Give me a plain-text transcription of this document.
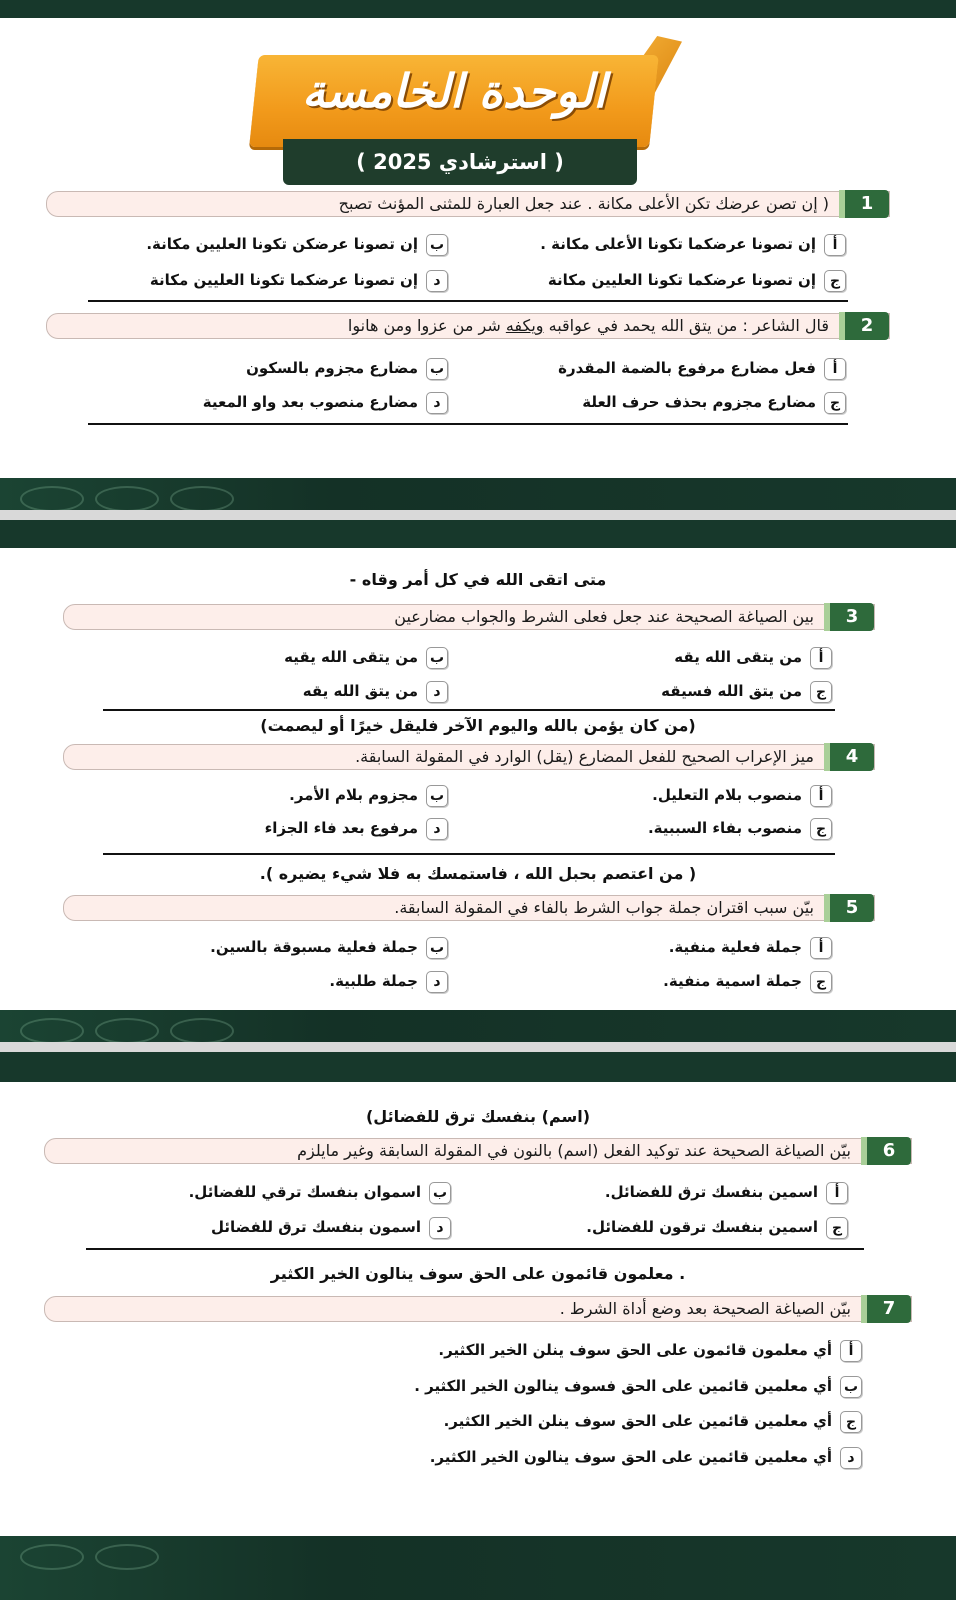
الوحدة الخامسة
( استرشادي 2025 )
1
( إن تصن عرضك تكن الأعلى مكانة . عند جعل العبارة للمثنى المؤنث تصبح
أإن تصونا عرضكما تكونا الأعلى مكانة .
بإن تصونا عرضكن تكونا العليين مكانة.
جإن تصونا عرضكما تكونا العليين مكانة
دإن تصونا عرضكما تكونا العليين مكانة
2
قال الشاعر : من يتق الله يحمد في عواقبه ويكفه شر من عزوا ومن هانوا
أفعل مضارع مرفوع بالضمة المقدرة
بمضارع مجزوم بالسكون
جمضارع مجزوم بحذف حرف العلة
دمضارع منصوب بعد واو المعية
متى اتقى الله في كل أمر وقاه -
3
بين الصياغة الصحيحة عند جعل فعلى الشرط والجواب مضارعين
أمن يتقى الله يقه
بمن يتقى الله يقيه
جمن يتق الله فسيقه
دمن يتق الله يقه
(من كان يؤمن بالله واليوم الآخر فليقل خيرًا أو ليصمت)
4
ميز الإعراب الصحيح للفعل المضارع (يقل) الوارد في المقولة السابقة.
أمنصوب بلام التعليل.
بمجزوم بلام الأمر.
جمنصوب بفاء السببية.
دمرفوع بعد فاء الجزاء
( من اعتصم بحبل الله ، فاستمسك به فلا شيء يضيره ).
5
بيّن سبب اقتران جملة جواب الشرط بالفاء في المقولة السابقة.
أجملة فعلية منفية.
بجملة فعلية مسبوقة بالسين.
ججملة اسمية منفية.
دجملة طلبية.
(اسم) بنفسك ترق للفضائل)
6
بيّن الصياغة الصحيحة عند توكيد الفعل (اسم) بالنون في المقولة السابقة وغير مايلزم
أاسمين بنفسك ترق للفضائل.
باسموان بنفسك ترقي للفضائل.
جاسمين بنفسك ترقون للفضائل.
داسمون بنفسك ترق للفضائل
. معلمون قائمون على الحق سوف ينالون الخير الكثير
7
بيّن الصياغة الصحيحة بعد وضع أداة الشرط .
أأي معلمون قائمون على الحق سوف ينلن الخير الكثير.
بأي معلمين قائمين على الحق فسوف ينالون الخير الكثير .
جأي معلمين قائمين على الحق سوف ينلن الخير الكثير.
دأي معلمين قائمين على الحق سوف ينالون الخير الكثير.
